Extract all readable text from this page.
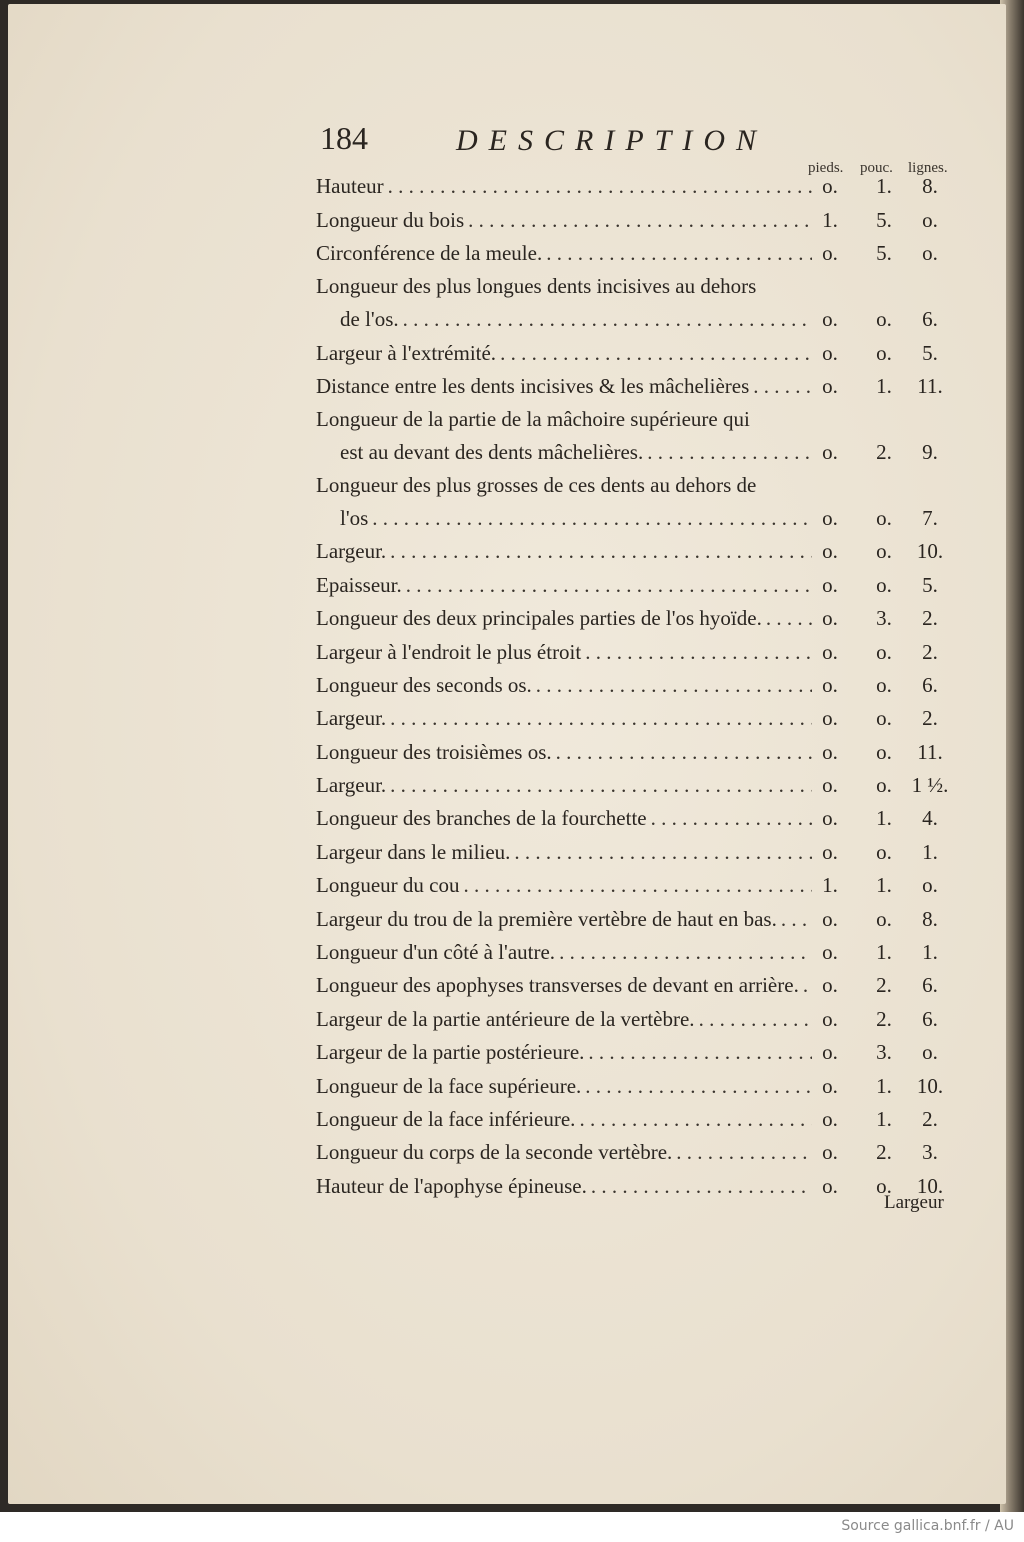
184	DESCRIPTION
pieds. pouc. lignes.
Hauteur . . .	o.	1.	8.
Longueur du bois . . .	1.	5.	o.
Circonférence de la meule. . . .	o.	5.	o.
Longueur des plus longues dents incisives au dehors
de l'os. . . .	o.	o.	6.
Largeur à l'extrémité. . . .	o.	o.	5.
Distance entre les dents incisives & les mâchelières . . .	o.	1.	11.
Longueur de la partie de la mâchoire supérieure qui
est au devant des dents mâchelières. . . .	o.	2.	9.
Longueur des plus grosses de ces dents au dehors de
l'os . . .	o.	o.	7.
Largeur. . . .	o.	o.	10.
Epaisseur. . . .	o.	o.	5.
Longueur des deux principales parties de l'os hyoïde. . . .	o.	3.	2.
Largeur à l'endroit le plus étroit . . .	o.	o.	2.
Longueur des seconds os. . . .	o.	o.	6.
Largeur. . . .	o.	o.	2.
Longueur des troisièmes os. . . .	o.	o.	11.
Largeur. . . .	o.	o. 1 ½.
Longueur des branches de la fourchette . . .	o.	1.	4.
Largeur dans le milieu. . . .	o.	o.	1.
Longueur du cou . . .	1.	1.	o.
Largeur du trou de la première vertèbre de haut en bas. . . .	o.	o.	8.
Longueur d'un côté à l'autre. . . .	o.	1.	1.
Longueur des apophyses transverses de devant en arrière. . . .	o.	2.	6.
Largeur de la partie antérieure de la vertèbre. . . .	o.	2.	6.
Largeur de la partie postérieure. . . .	o.	3.	o.
Longueur de la face supérieure. . . .	o.	1.	10.
Longueur de la face inférieure. . . .	o.	1.	2.
Longueur du corps de la seconde vertèbre. . . .	o.	2.	3.
Hauteur de l'apophyse épineuse. . . .	o.	o.	10.
Largeur
Source gallica.bnf.fr / AU
